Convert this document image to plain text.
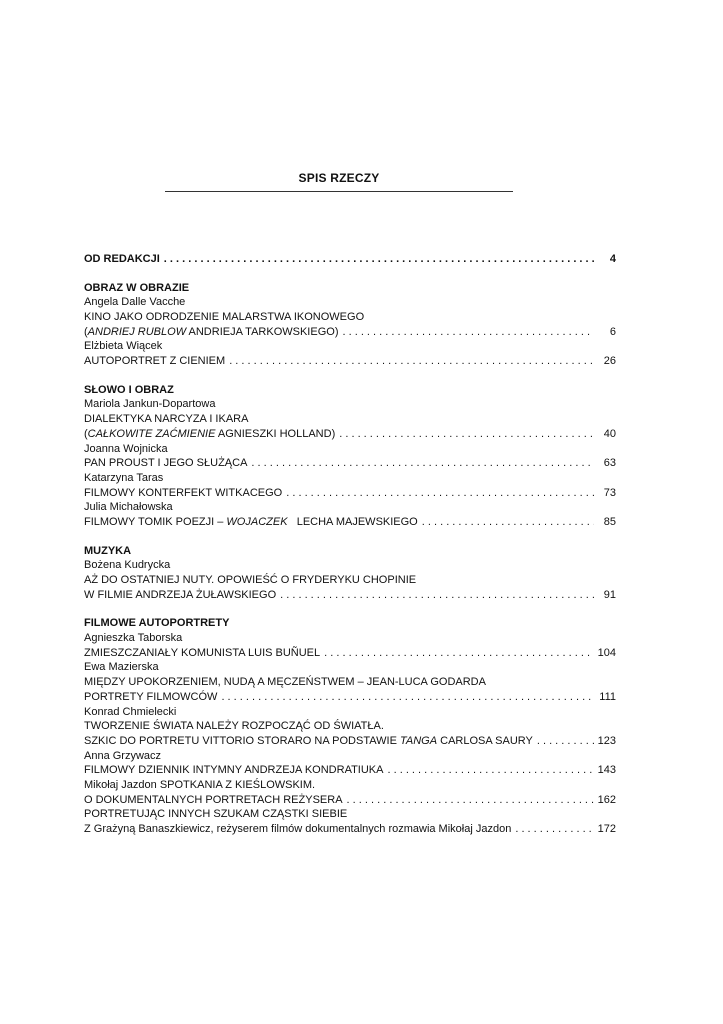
SPIS RZECZY
OD REDAKCJI . . .	4
OBRAZ W OBRAZIE
Angela Dalle Vacche
KINO JAKO ODRODZENIE MALARSTWA IKONOWEGO
(ANDRIEJ RUBLOW ANDRIEJA TARKOWSKIEGO) . . .	6
Elżbieta Wiącek
AUTOPORTRET Z CIENIEM . . .	26
SŁOWO I OBRAZ
Mariola Jankun-Dopartowa
DIALEKTYKA NARCYZA I IKARA
(CAŁKOWITE ZAĆMIENIE AGNIESZKI HOLLAND) . . .	40
Joanna Wojnicka
PAN PROUST I JEGO SŁUŻĄCA . . .	63
Katarzyna Taras
FILMOWY KONTERFEKT WITKACEGO . . .	73
Julia Michałowska
FILMOWY TOMIK POEZJI – WOJACZEK   LECHA MAJEWSKIEGO . . .	85
MUZYKA
Bożena Kudrycka
AŻ DO OSTATNIEJ NUTY. OPOWIEŚĆ O FRYDERYKU CHOPINIE
W FILMIE ANDRZEJA ŻUŁAWSKIEGO . . .	91
FILMOWE AUTOPORTRETY
Agnieszka Taborska
ZMIESZCZANIAŁY KOMUNISTA LUIS BUÑUEL . . .	104
Ewa Mazierska
MIĘDZY UPOKORZENIEM, NUDĄ A MĘCZEŃSTWEM – JEAN-LUCA GODARDA
PORTRETY FILMOWCÓW . . .	111
Konrad Chmielecki
TWORZENIE ŚWIATA NALEŻY ROZPOCZĄĆ OD ŚWIATŁA.
SZKIC DO PORTRETU VITTORIO STORARO NA PODSTAWIE TANGA CARLOSA SAURY . . .	123
Anna Grzywacz
FILMOWY DZIENNIK INTYMNY ANDRZEJA KONDRATIUKA . . .	143
Mikołaj Jazdon
SPOTKANIA Z KIEŚLOWSKIM.
O DOKUMENTALNYCH PORTRETACH REŻYSERA . . .	162
PORTRETUJĄC INNYCH SZUKAM CZĄSTKI SIEBIE
Z Grażyną Banaszkiewicz, reżyserem filmów dokumentalnych rozmawia Mikołaj Jazdon . . .	172
